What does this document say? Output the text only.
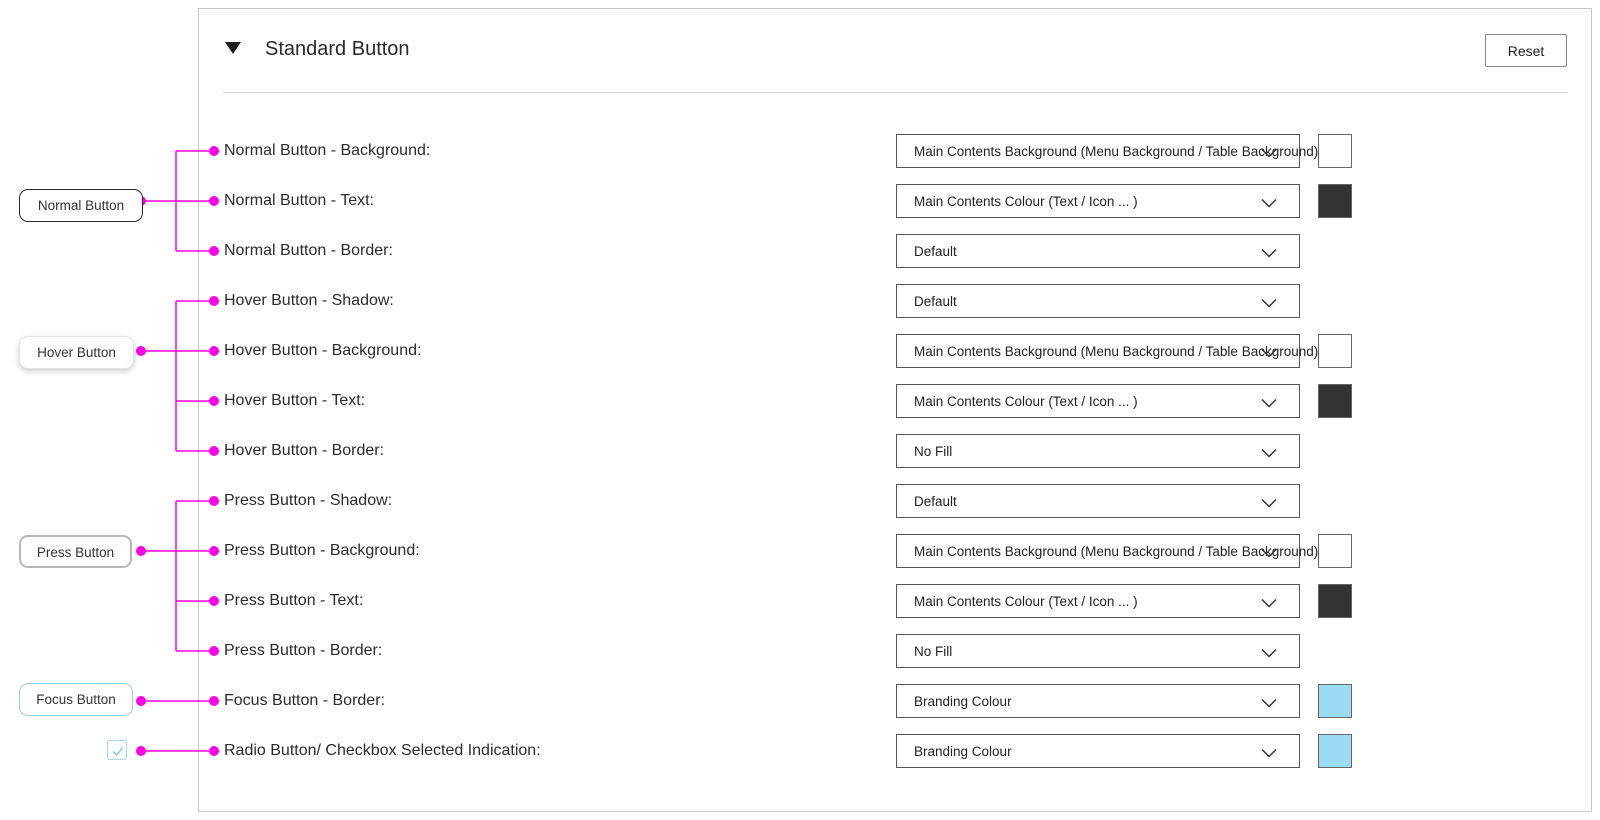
Standard Button	Reset
Normal Button
Hover Button
Press Button
Focus Button
Normal Button - Background:	Main Contents Background (Menu Background / Table Background)
Normal Button - Text:	Main Contents Colour (Text / Icon ... )
Normal Button - Border:	Default
Hover Button - Shadow:	Default
Hover Button - Background:	Main Contents Background (Menu Background / Table Background)
Hover Button - Text:	Main Contents Colour (Text / Icon ... )
Hover Button - Border:	No Fill
Press Button - Shadow:	Default
Press Button - Background:	Main Contents Background (Menu Background / Table Background)
Press Button - Text:	Main Contents Colour (Text / Icon ... )
Press Button - Border:	No Fill
Focus Button - Border:	Branding Colour
Radio Button/ Checkbox Selected Indication:	Branding Colour
